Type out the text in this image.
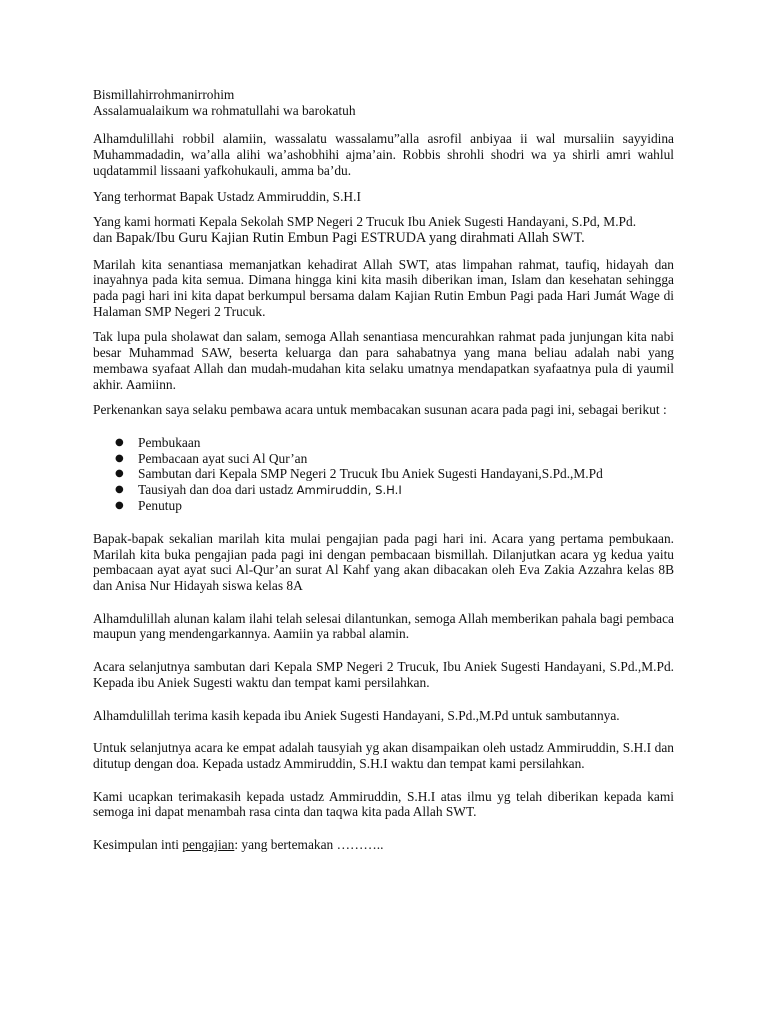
Bismillahirrohmanirrohim

Assalamualaikum wa rohmatullahi wa barokatuh

Alhamdulillahi robbil alamiin, wassalatu wassalamu”alla asrofil anbiyaa ii wal mursaliin sayyidina Muhammadadin, wa’alla alihi wa’ashobhihi ajma’ain. Robbis shrohli shodri wa ya shirli amri wahlul uqdatammil lissaani yafkohukauli, amma ba’du.

Yang terhormat Bapak Ustadz Ammiruddin, S.H.I

Yang kami hormati Kepala Sekolah SMP Negeri 2 Trucuk Ibu Aniek Sugesti Handayani, S.Pd, M.Pd.

dan Bapak/Ibu Guru Kajian Rutin Embun Pagi ESTRUDA yang dirahmati Allah SWT.

Marilah kita senantiasa memanjatkan kehadirat Allah SWT, atas limpahan rahmat, taufiq, hidayah dan inayahnya pada kita semua. Dimana hingga kini kita masih diberikan iman, Islam dan kesehatan sehingga pada pagi hari ini kita dapat berkumpul bersama dalam Kajian Rutin Embun Pagi pada Hari Jumát Wage di Halaman SMP Negeri 2 Trucuk.

Tak lupa pula sholawat dan salam, semoga Allah senantiasa mencurahkan rahmat pada junjungan kita nabi besar Muhammad SAW, beserta keluarga dan para sahabatnya yang mana beliau adalah nabi yang membawa syafaat Allah dan mudah-mudahan kita selaku umatnya mendapatkan syafaatnya pula di yaumil akhir. Aamiinn.

Perkenankan saya selaku pembawa acara untuk membacakan susunan acara pada pagi ini, sebagai berikut :

● Pembukaan
● Pembacaan ayat suci Al Qur’an
● Sambutan dari Kepala SMP Negeri 2 Trucuk Ibu Aniek Sugesti Handayani,S.Pd.,M.Pd
● Tausiyah dan doa dari ustadz Ammiruddin, S.H.I
● Penutup

Bapak-bapak sekalian marilah kita mulai pengajian pada pagi hari ini. Acara yang pertama pembukaan. Marilah kita buka pengajian pada pagi ini dengan pembacaan bismillah. Dilanjutkan acara yg kedua yaitu pembacaan ayat ayat suci Al-Qur’an surat Al Kahf yang akan dibacakan oleh Eva Zakia Azzahra kelas 8B dan Anisa Nur Hidayah siswa kelas 8A

Alhamdulillah alunan kalam ilahi telah selesai dilantunkan, semoga Allah memberikan pahala bagi pembaca maupun yang mendengarkannya. Aamiin ya rabbal alamin.

Acara selanjutnya sambutan dari Kepala SMP Negeri 2 Trucuk, Ibu Aniek Sugesti Handayani, S.Pd.,M.Pd. Kepada ibu Aniek Sugesti waktu dan tempat kami persilahkan.

Alhamdulillah terima kasih kepada ibu Aniek Sugesti Handayani, S.Pd.,M.Pd untuk sambutannya.

Untuk selanjutnya acara ke empat adalah tausyiah yg akan disampaikan oleh ustadz Ammiruddin, S.H.I dan ditutup dengan doa. Kepada ustadz Ammiruddin, S.H.I waktu dan tempat kami persilahkan.

Kami ucapkan terimakasih kepada ustadz Ammiruddin, S.H.I atas ilmu yg telah diberikan kepada kami semoga ini dapat menambah rasa cinta dan taqwa kita pada Allah SWT.

Kesimpulan inti pengajian: yang bertemakan ………..
